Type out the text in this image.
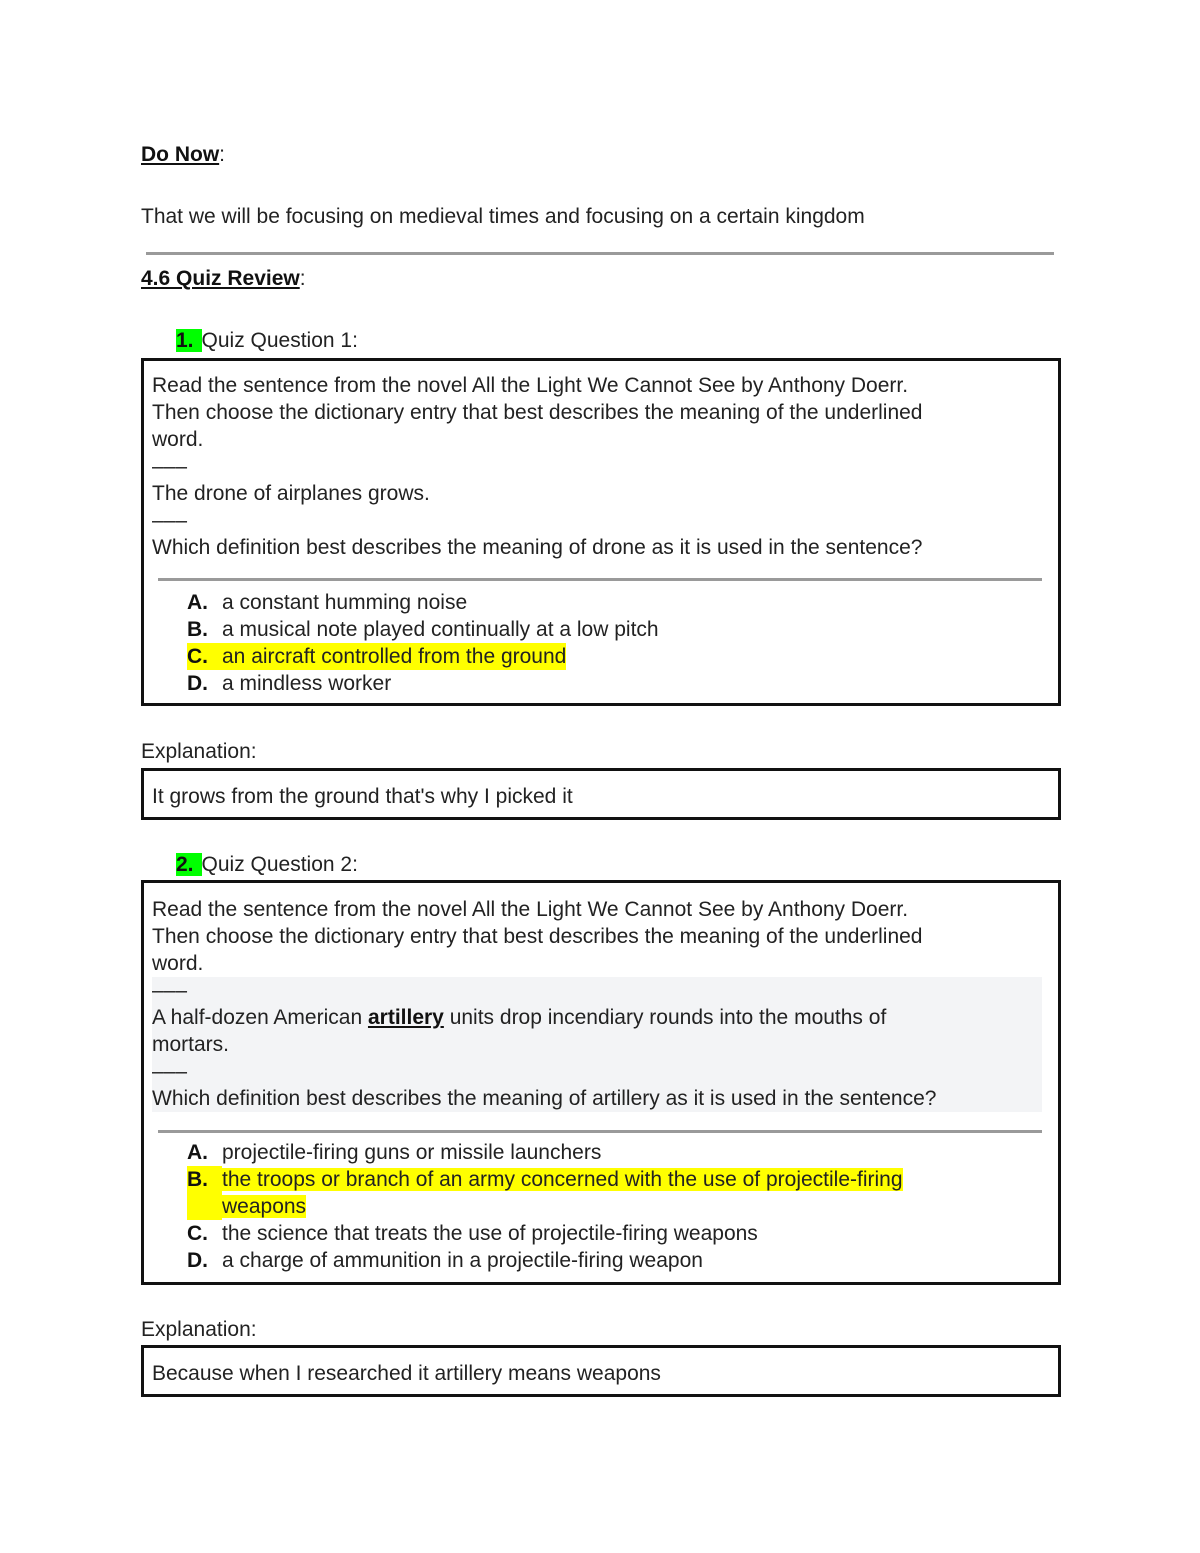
Do Now:
That we will be focusing on medieval times and focusing on a certain kingdom
4.6 Quiz Review:
1. Quiz Question 1:
Read the sentence from the novel All the Light We Cannot See by Anthony Doerr.
Then choose the dictionary entry that best describes the meaning of the underlined
word.
–––
The drone of airplanes grows.
–––
Which definition best describes the meaning of drone as it is used in the sentence?
A. a constant humming noise
B. a musical note played continually at a low pitch
C. an aircraft controlled from the ground
D. a mindless worker
Explanation:
It grows from the ground that's why I picked it
2. Quiz Question 2:
Read the sentence from the novel All the Light We Cannot See by Anthony Doerr.
Then choose the dictionary entry that best describes the meaning of the underlined
word.
–––
A half-dozen American artillery units drop incendiary rounds into the mouths of
mortars.
–––
Which definition best describes the meaning of artillery as it is used in the sentence?
A. projectile-firing guns or missile launchers
B. the troops or branch of an army concerned with the use of projectile-firing
weapons
C. the science that treats the use of projectile-firing weapons
D. a charge of ammunition in a projectile-firing weapon
Explanation:
Because when I researched it artillery means weapons
